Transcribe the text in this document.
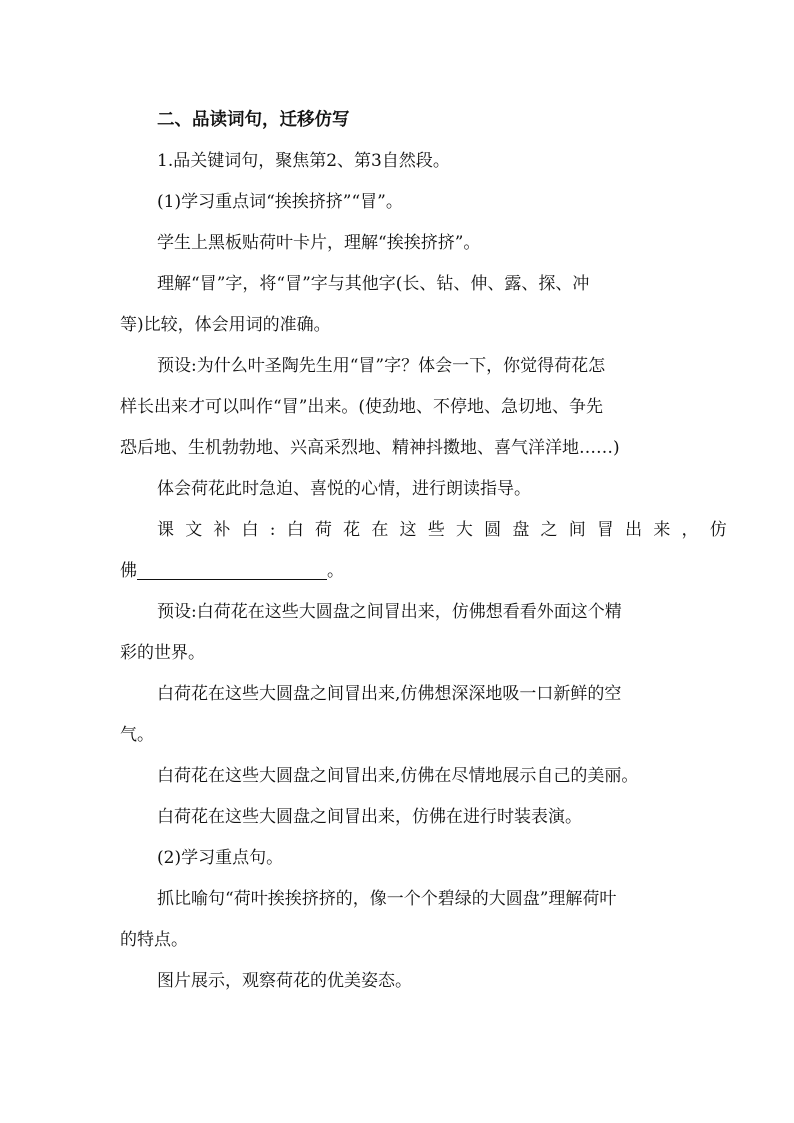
二、品读词句，迁移仿写
1.品关键词句，聚焦第2、第3自然段。
(1)学习重点词“挨挨挤挤”“冒”。
学生上黑板贴荷叶卡片，理解“挨挨挤挤”。
理解“冒”字，将“冒”字与其他字(长、钻、伸、露、探、冲
等)比较，体会用词的准确。
预设:为什么叶圣陶先生用“冒”字？体会一下，你觉得荷花怎
样长出来才可以叫作“冒”出来。(使劲地、不停地、急切地、争先
恐后地、生机勃勃地、兴高采烈地、精神抖擞地、喜气洋洋地……)
体会荷花此时急迫、喜悦的心情，进行朗读指导。
课文补白:白荷花在这些大圆盘之间冒出来，仿
佛	。
预设:白荷花在这些大圆盘之间冒出来，仿佛想看看外面这个精
彩的世界。
白荷花在这些大圆盘之间冒出来,仿佛想深深地吸一口新鲜的空
气。
白荷花在这些大圆盘之间冒出来,仿佛在尽情地展示自己的美丽。
白荷花在这些大圆盘之间冒出来，仿佛在进行时装表演。
(2)学习重点句。
抓比喻句“荷叶挨挨挤挤的，像一个个碧绿的大圆盘”理解荷叶
的特点。
图片展示，观察荷花的优美姿态。
